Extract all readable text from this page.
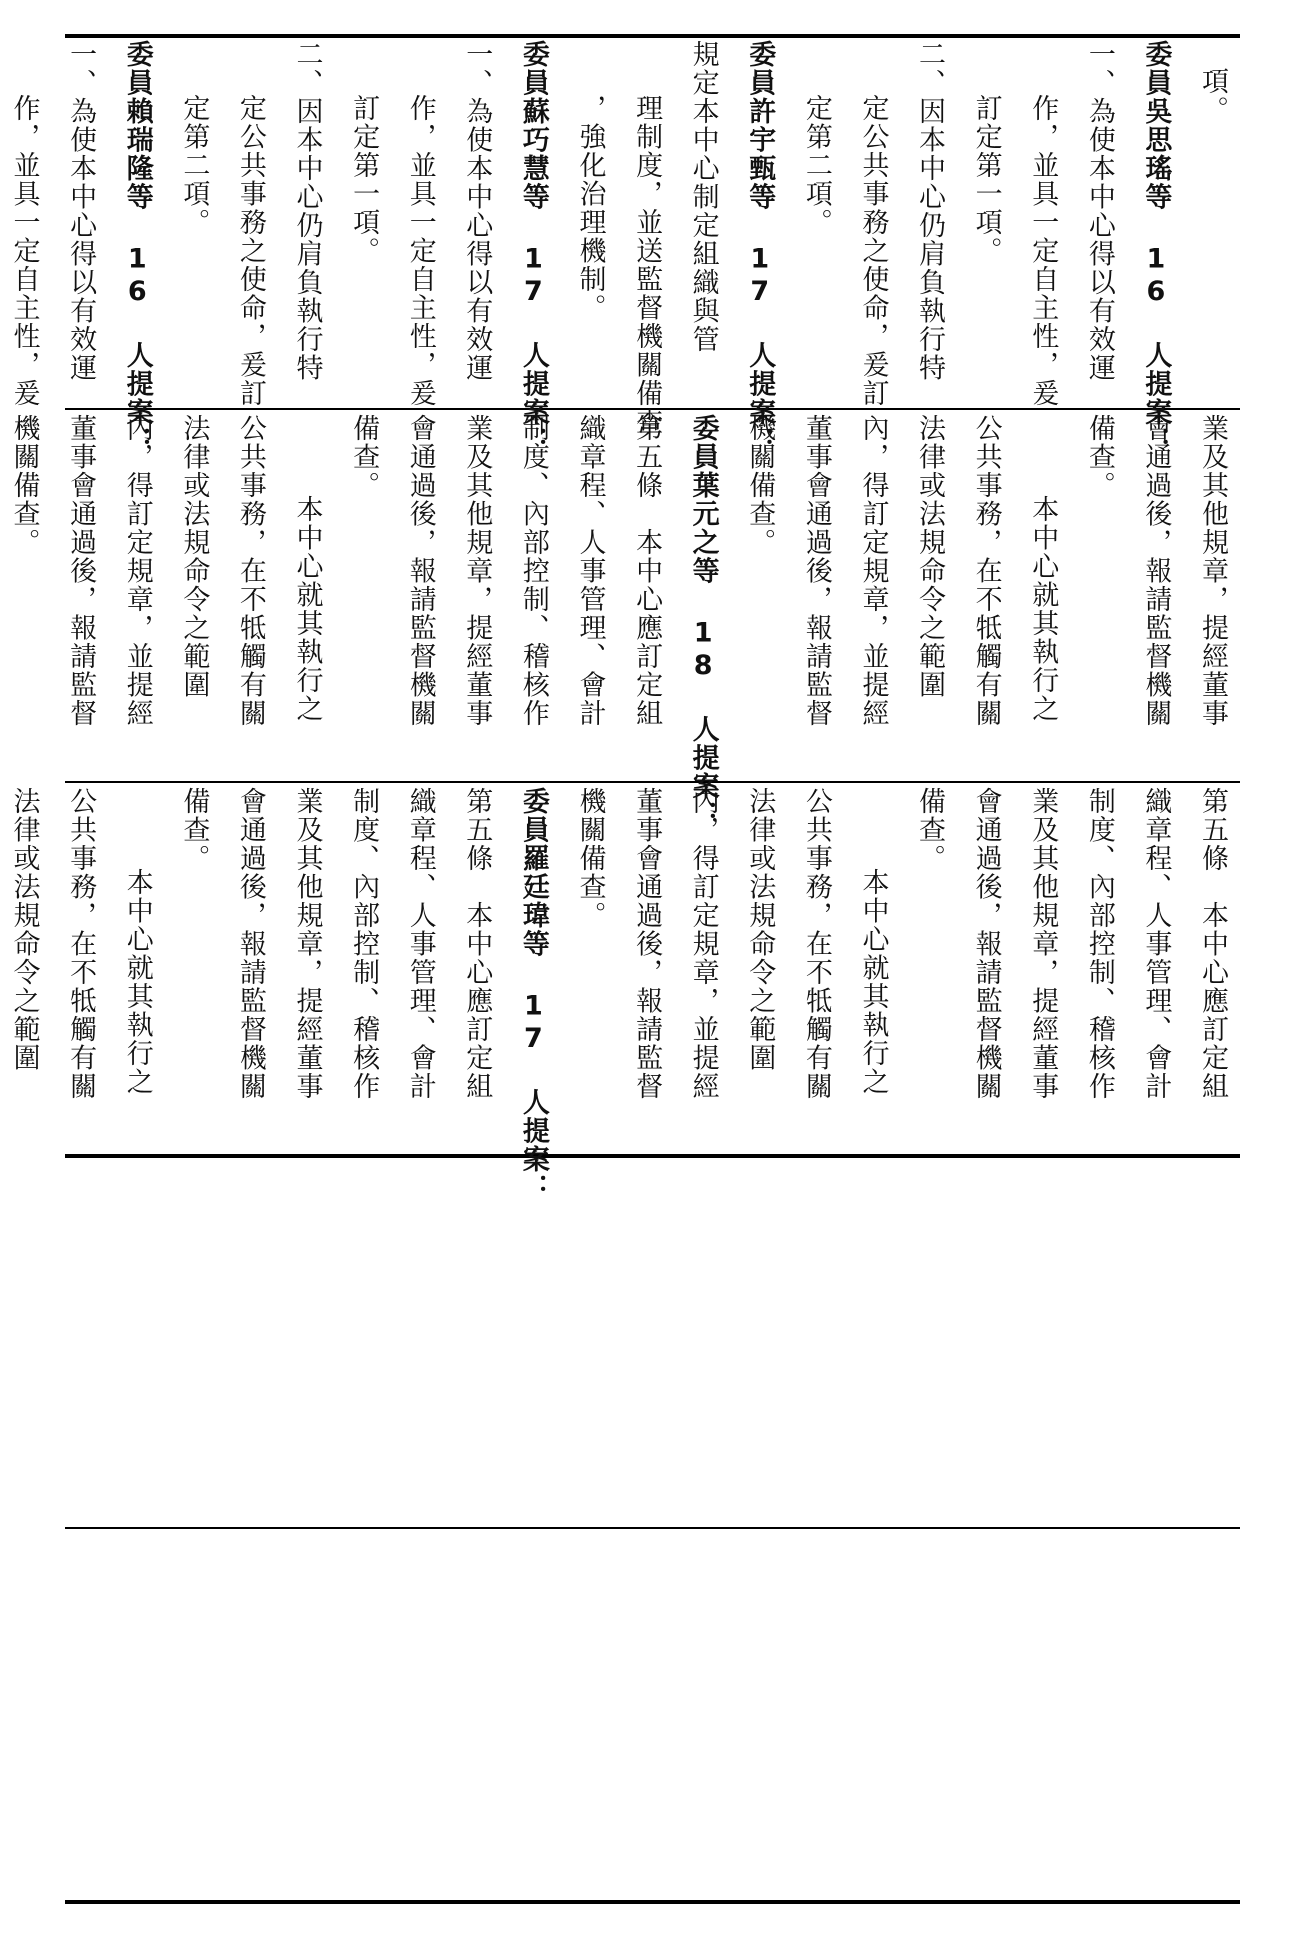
項。
委員吳思瑤等 16 人提案：
一、為使本中心得以有效運
作，並具一定自主性，爰
訂定第一項。
二、因本中心仍肩負執行特
定公共事務之使命，爰訂
定第二項。
委員許宇甄等 17 人提案：
規定本中心制定組織與管
理制度，並送監督機關備查
，強化治理機制。
委員蘇巧慧等 17 人提案：
一、為使本中心得以有效運
作，並具一定自主性，爰
訂定第一項。
二、因本中心仍肩負執行特
定公共事務之使命，爰訂
定第二項。
委員賴瑞隆等 16 人提案：
一、為使本中心得以有效運
作，並具一定自主性，爰
業及其他規章，提經董事
會通過後，報請監督機關
備查。
本中心就其執行之
公共事務，在不牴觸有關
法律或法規命令之範圍
內，得訂定規章，並提經
董事會通過後，報請監督
機關備查。
委員葉元之等 18 人提案：
第五條　本中心應訂定組
織章程、人事管理、會計
制度、內部控制、稽核作
業及其他規章，提經董事
會通過後，報請監督機關
備查。
本中心就其執行之
公共事務，在不牴觸有關
法律或法規命令之範圍
內，得訂定規章，並提經
董事會通過後，報請監督
機關備查。
第五條　本中心應訂定組
織章程、人事管理、會計
制度、內部控制、稽核作
業及其他規章，提經董事
會通過後，報請監督機關
備查。
本中心就其執行之
公共事務，在不牴觸有關
法律或法規命令之範圍
內，得訂定規章，並提經
董事會通過後，報請監督
機關備查。
委員羅廷瑋等 17 人提案：
第五條　本中心應訂定組
織章程、人事管理、會計
制度、內部控制、稽核作
業及其他規章，提經董事
會通過後，報請監督機關
備查。
本中心就其執行之
公共事務，在不牴觸有關
法律或法規命令之範圍
